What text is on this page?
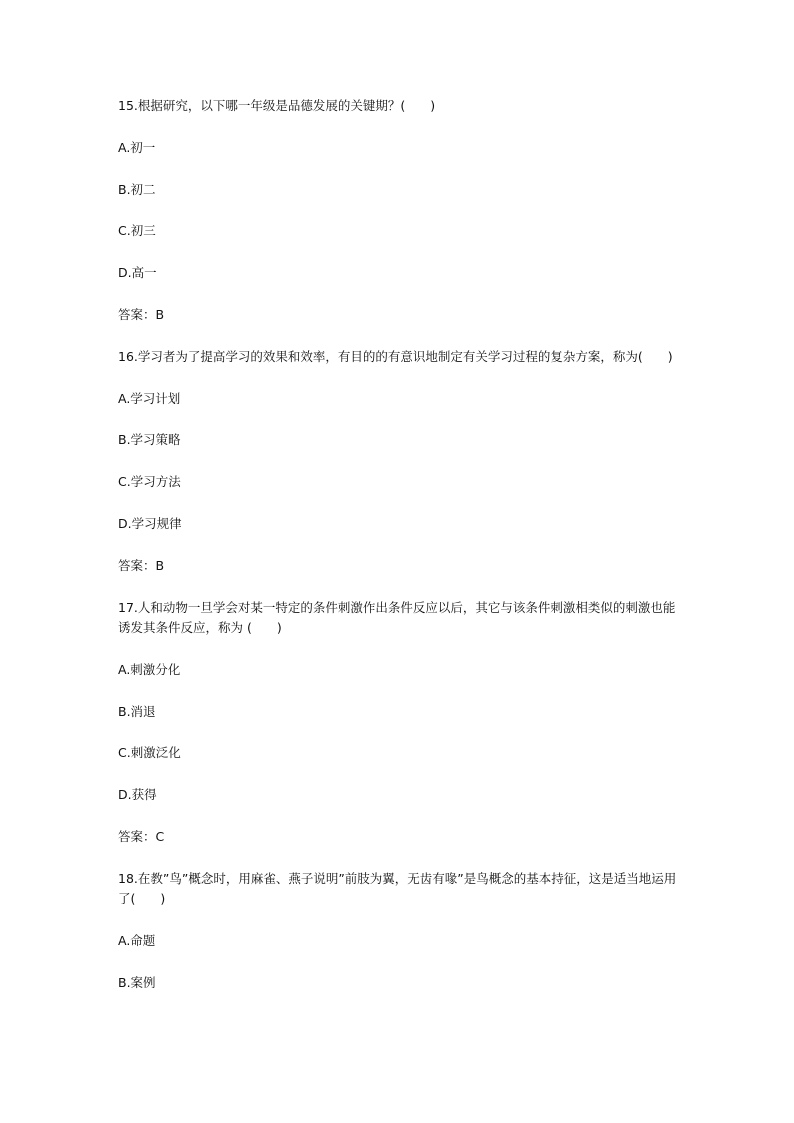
15.根据研究，以下哪一年级是品德发展的关键期？(　　)

A.初一

B.初二

C.初三

D.高一

答案：B

16.学习者为了提高学习的效果和效率，有目的的有意识地制定有关学习过程的复杂方案，称为(　　)

A.学习计划

B.学习策略

C.学习方法

D.学习规律

答案：B

17.人和动物一旦学会对某一特定的条件刺激作出条件反应以后，其它与该条件刺激相类似的刺激也能诱发其条件反应，称为 (　　)

A.刺激分化

B.消退

C.刺激泛化

D.获得

答案：C

18.在教”鸟”概念时，用麻雀、燕子说明”前肢为翼，无齿有喙”是鸟概念的基本持征，这是适当地运用了(　　)

A.命题

B.案例
